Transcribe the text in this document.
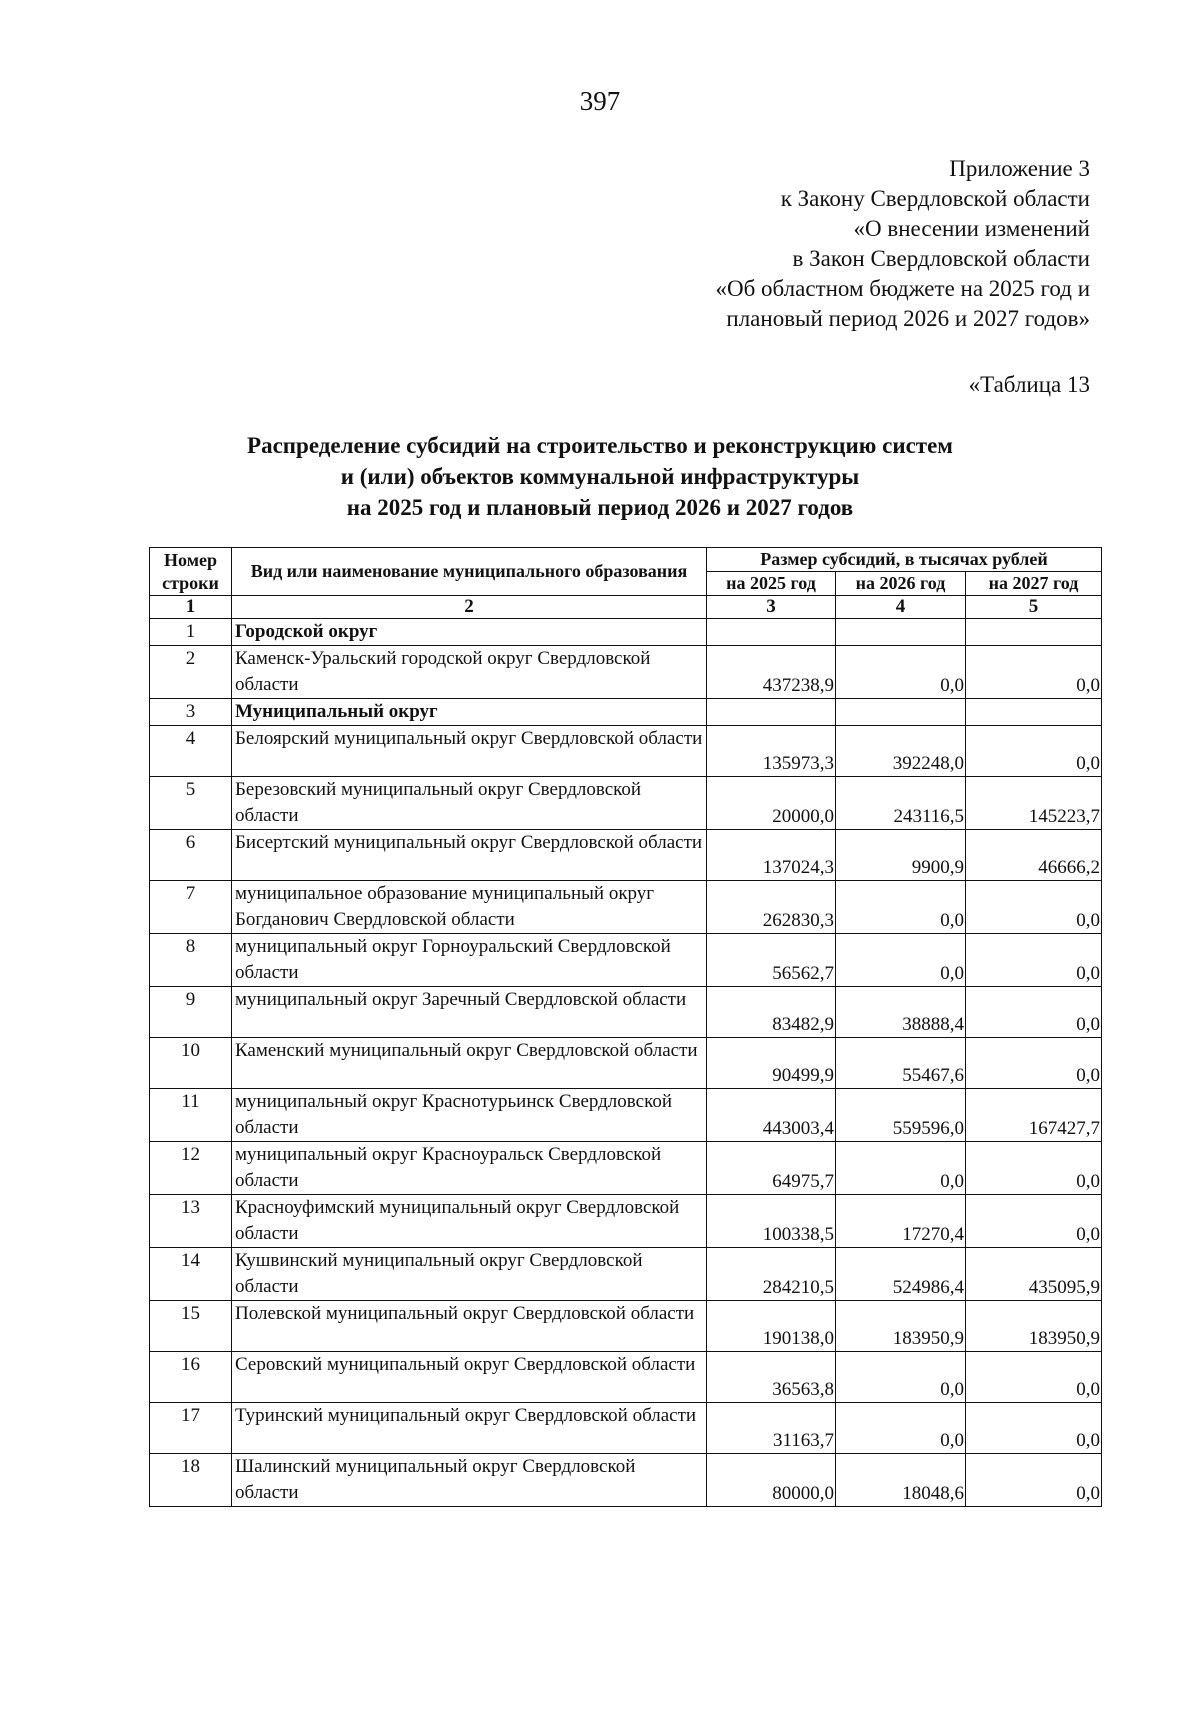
397
Приложение 3
к Закону Свердловской области
«О внесении изменений
в Закон Свердловской области
«Об областном бюджете на 2025 год и
плановый период 2026 и 2027 годов»
«Таблица 13
Распределение субсидий на строительство и реконструкцию систем
и (или) объектов коммунальной инфраструктуры
на 2025 год и плановый период 2026 и 2027 годов
Номер строки	Вид или наименование муниципального образования	Размер субсидий, в тысячах рублей		
		на 2025 год	на 2026 год	на 2027 год
1	2	3	4	5
1	Городской округ			
2	Каменск-Уральский городской округ Свердловской области	437238,9	0,0	0,0
3	Муниципальный округ			
4	Белоярский муниципальный округ Свердловской области	135973,3	392248,0	0,0
5	Березовский муниципальный округ Свердловской области	20000,0	243116,5	145223,7
6	Бисертский муниципальный округ Свердловской области	137024,3	9900,9	46666,2
7	муниципальное образование муниципальный округ Богданович Свердловской области	262830,3	0,0	0,0
8	муниципальный округ Горноуральский Свердловской области	56562,7	0,0	0,0
9	муниципальный округ Заречный Свердловской области	83482,9	38888,4	0,0
10	Каменский муниципальный округ Свердловской области	90499,9	55467,6	0,0
11	муниципальный округ Краснотурьинск Свердловской области	443003,4	559596,0	167427,7
12	муниципальный округ Красноуральск Свердловской области	64975,7	0,0	0,0
13	Красноуфимский муниципальный округ Свердловской области	100338,5	17270,4	0,0
14	Кушвинский муниципальный округ Свердловской области	284210,5	524986,4	435095,9
15	Полевской муниципальный округ Свердловской области	190138,0	183950,9	183950,9
16	Серовский муниципальный округ Свердловской области	36563,8	0,0	0,0
17	Туринский муниципальный округ Свердловской области	31163,7	0,0	0,0
18	Шалинский муниципальный округ Свердловской области	80000,0	18048,6	0,0
